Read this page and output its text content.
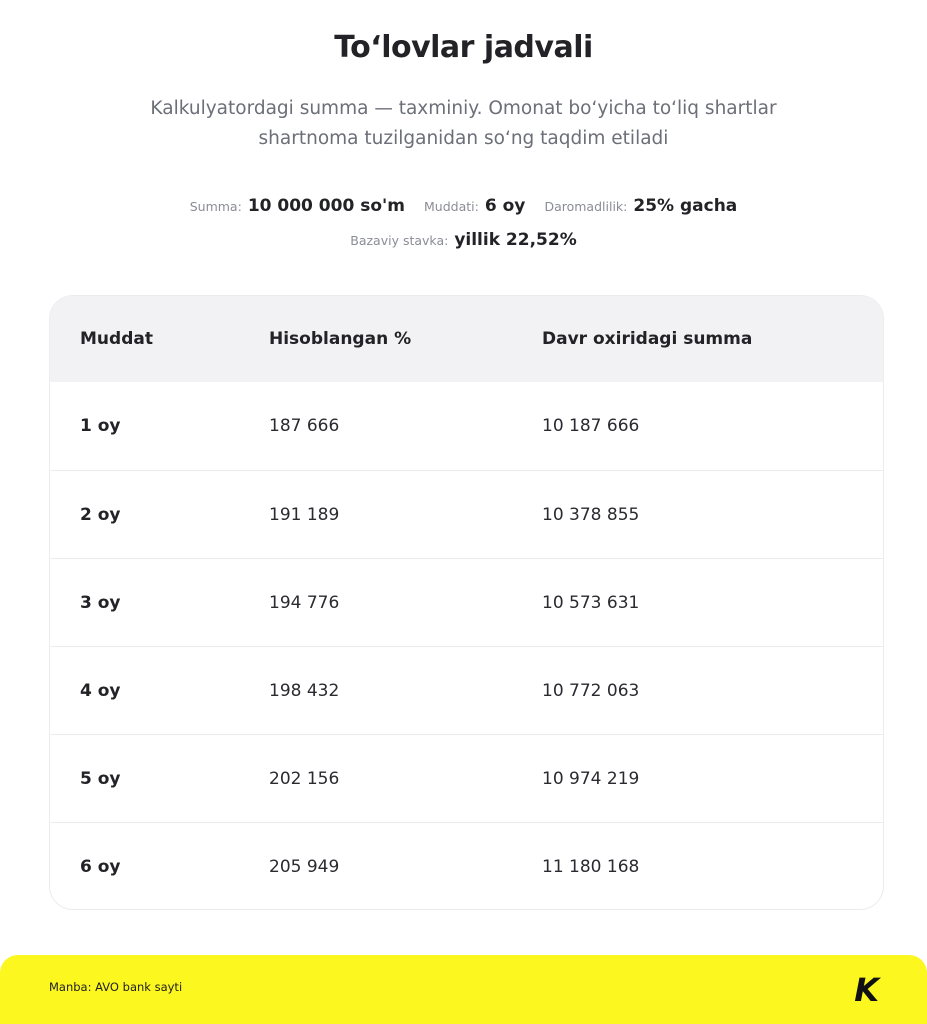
To‘lovlar jadvali
Kalkulyatordagi summa — taxminiy. Omonat bo‘yicha to‘liq shartlar shartnoma tuzilganidan so‘ng taqdim etiladi
Summa: 10 000 000 so'm Muddati: 6 oy Daromadlilik: 25% gacha
Bazaviy stavka: yillik 22,52%
Muddat	Hisoblangan %	Davr oxiridagi summa
1 oy	187 666	10 187 666
2 oy	191 189	10 378 855
3 oy	194 776	10 573 631
4 oy	198 432	10 772 063
5 oy	202 156	10 974 219
6 oy	205 949	11 180 168
Manba: AVO bank sayti	K
